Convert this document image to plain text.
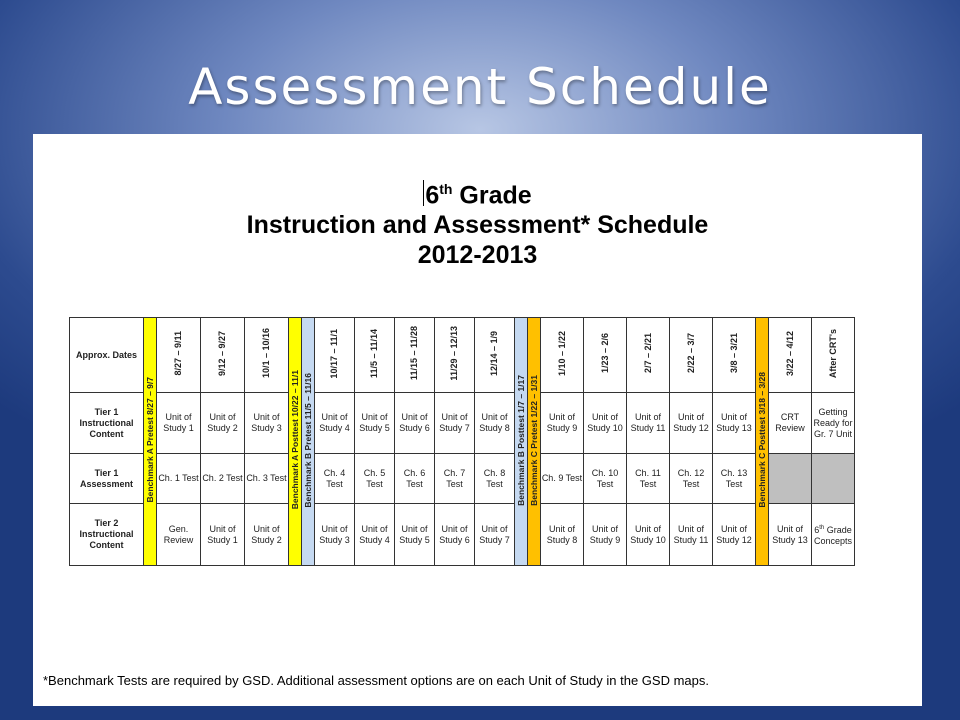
Assessment Schedule
6th Grade
Instruction and Assessment* Schedule
2012-2013
Approx. Dates	Benchmark A Pretest 8/27 – 9/7	8/27 – 9/11	9/12 – 9/27	10/1 – 10/16	Benchmark A Posttest 10/22 – 11/1	Benchmark B Pretest 11/5 – 11/16	10/17 – 11/1	11/5 – 11/14	11/15 – 11/28	11/29 – 12/13	12/14 – 1/9	Benchmark B Posttest 1/7 – 1/17	Benchmark C Pretest 1/22 – 1/31	1/10 – 1/22	1/23 – 2/6	2/7 – 2/21	2/22 – 3/7	3/8 – 3/21	Benchmark C Posttest 3/18 – 3/28	3/22 – 4/12	After CRT's
Tier 1 Instructional Content		Unit of Study 1	Unit of Study 2	Unit of Study 3			Unit of Study 4	Unit of Study 5	Unit of Study 6	Unit of Study 7	Unit of Study 8			Unit of Study 9	Unit of Study 10	Unit of Study 11	Unit of Study 12	Unit of Study 13		CRT Review	Getting Ready for Gr. 7 Unit
Tier 1 Assessment		Ch. 1 Test	Ch. 2 Test	Ch. 3 Test			Ch. 4 Test	Ch. 5 Test	Ch. 6 Test	Ch. 7 Test	Ch. 8 Test			Ch. 9 Test	Ch. 10 Test	Ch. 11 Test	Ch. 12 Test	Ch. 13 Test			
Tier 2 Instructional Content		Gen. Review	Unit of Study 1	Unit of Study 2			Unit of Study 3	Unit of Study 4	Unit of Study 5	Unit of Study 6	Unit of Study 7			Unit of Study 8	Unit of Study 9	Unit of Study 10	Unit of Study 11	Unit of Study 12		Unit of Study 13	6th Grade Concepts
*Benchmark Tests are required by GSD. Additional assessment options are on each Unit of Study in the GSD maps.
